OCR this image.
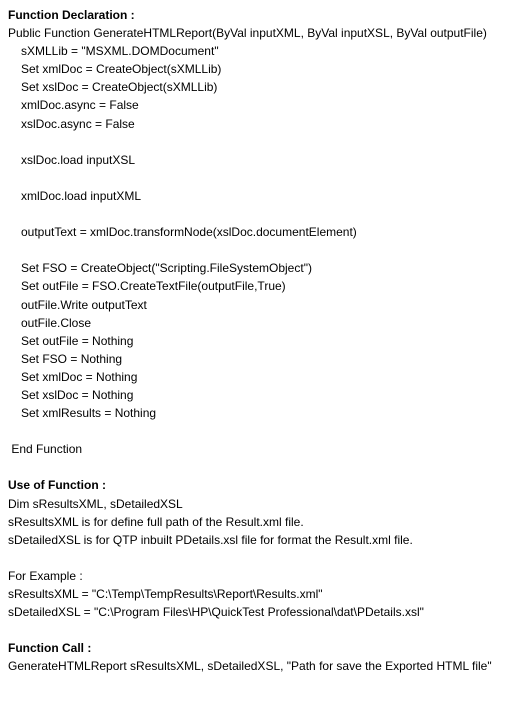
Function Declaration :
Public Function GenerateHTMLReport(ByVal inputXML, ByVal inputXSL, ByVal outputFile)
sXMLLib = "MSXML.DOMDocument"
Set xmlDoc = CreateObject(sXMLLib)
Set xslDoc = CreateObject(sXMLLib)
xmlDoc.async = False
xslDoc.async = False
xslDoc.load inputXSL
xmlDoc.load inputXML
outputText = xmlDoc.transformNode(xslDoc.documentElement)
Set FSO = CreateObject("Scripting.FileSystemObject")
Set outFile = FSO.CreateTextFile(outputFile,True)
outFile.Write outputText
outFile.Close
Set outFile = Nothing
Set FSO = Nothing
Set xmlDoc = Nothing
Set xslDoc = Nothing
Set xmlResults = Nothing
End Function
Use of Function :
Dim sResultsXML, sDetailedXSL
sResultsXML is for define full path of the Result.xml file.
sDetailedXSL is for QTP inbuilt PDetails.xsl file for format the Result.xml file.
For Example :
sResultsXML = "C:\Temp\TempResults\Report\Results.xml"
sDetailedXSL = "C:\Program Files\HP\QuickTest Professional\dat\PDetails.xsl"
Function Call :
GenerateHTMLReport sResultsXML, sDetailedXSL, "Path for save the Exported HTML file"
